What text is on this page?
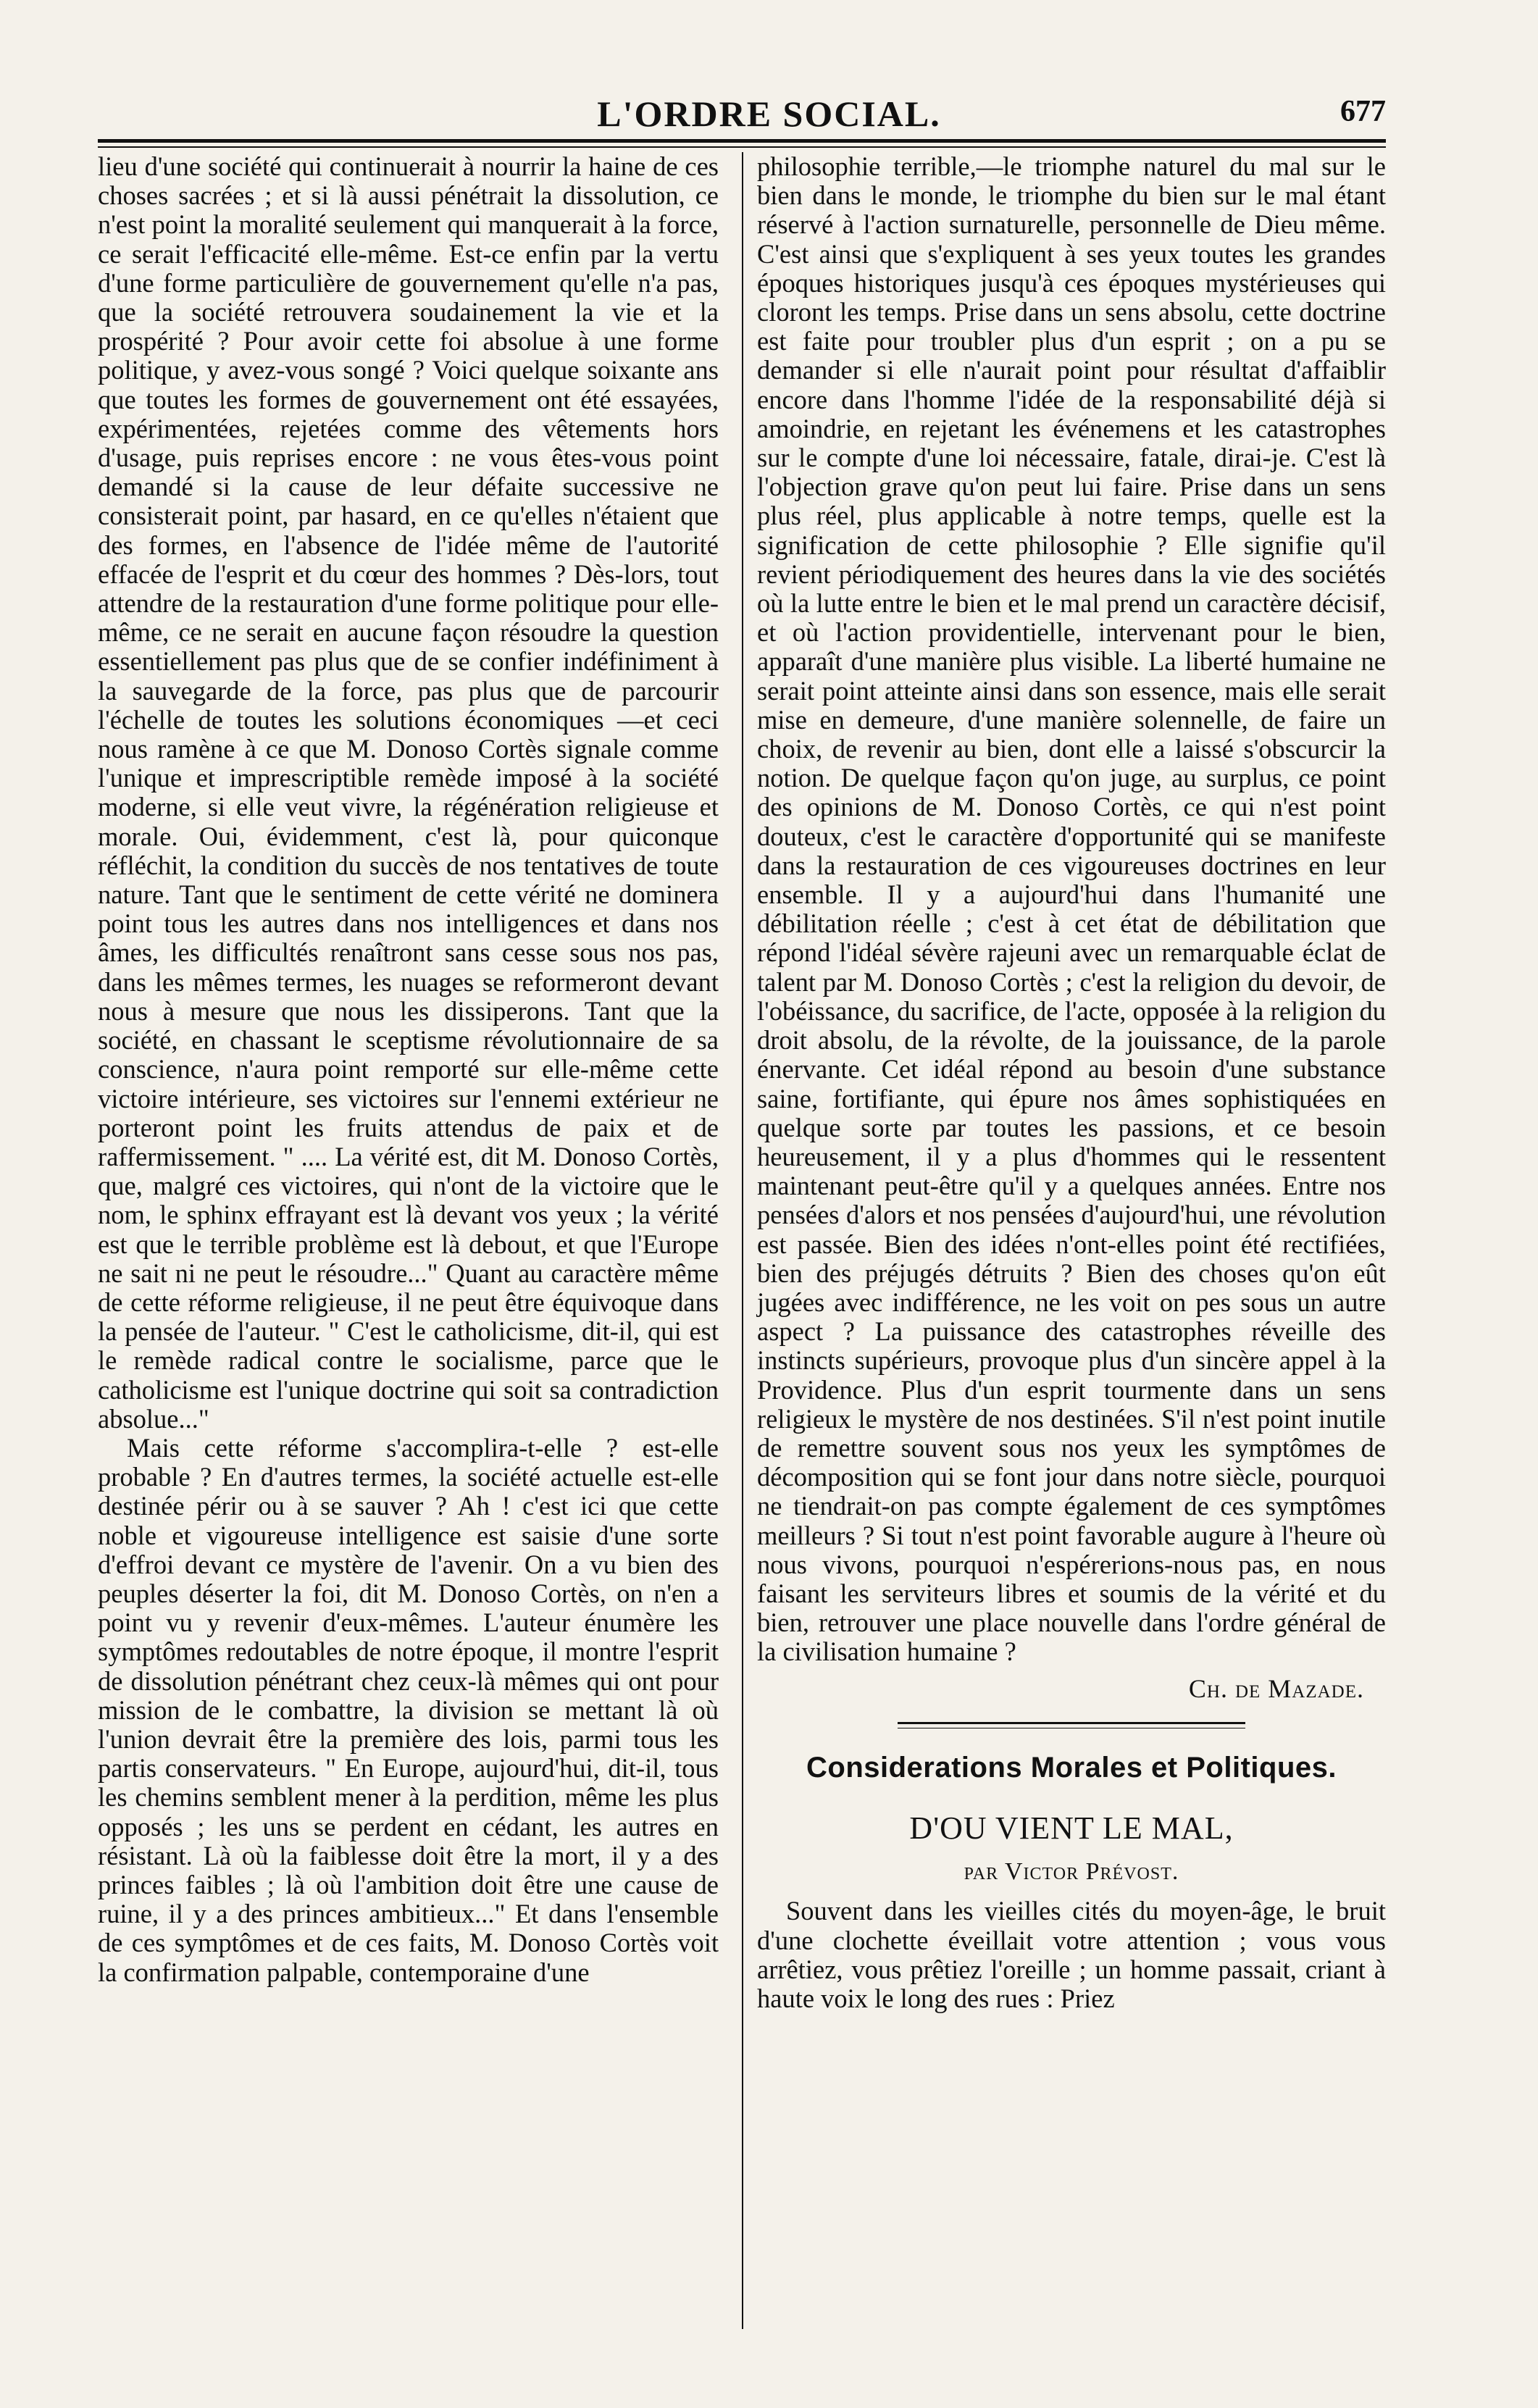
L'ORDRE SOCIAL.	677

lieu d'une société qui continuerait à nourrir la haine de ces choses sacrées ; et si là aussi pénétrait la dissolution, ce n'est point la moralité seulement qui manquerait à la force, ce serait l'efficacité elle-même. Est-ce enfin par la vertu d'une forme particulière de gouvernement qu'elle n'a pas, que la société retrouvera soudainement la vie et la prospérité ? Pour avoir cette foi absolue à une forme politique, y avez-vous songé ? Voici quelque soixante ans que toutes les formes de gouvernement ont été essayées, expérimentées, rejetées comme des vêtements hors d'usage, puis reprises encore : ne vous êtes-vous point demandé si la cause de leur défaite successive ne consisterait point, par hasard, en ce qu'elles n'étaient que des formes, en l'absence de l'idée même de l'autorité effacée de l'esprit et du cœur des hommes ? Dès-lors, tout attendre de la restauration d'une forme politique pour elle-même, ce ne serait en aucune façon résoudre la question essentiellement pas plus que de se confier indéfiniment à la sauvegarde de la force, pas plus que de parcourir l'échelle de toutes les solutions économiques —et ceci nous ramène à ce que M. Donoso Cortès signale comme l'unique et imprescriptible remède imposé à la société moderne, si elle veut vivre, la régénération religieuse et morale. Oui, évidemment, c'est là, pour quiconque réfléchit, la condition du succès de nos tentatives de toute nature. Tant que le sentiment de cette vérité ne dominera point tous les autres dans nos intelligences et dans nos âmes, les difficultés renaîtront sans cesse sous nos pas, dans les mêmes termes, les nuages se reformeront devant nous à mesure que nous les dissiperons. Tant que la société, en chassant le sceptisme révolutionnaire de sa conscience, n'aura point remporté sur elle-même cette victoire intérieure, ses victoires sur l'ennemi extérieur ne porteront point les fruits attendus de paix et de raffermissement. " .... La vérité est, dit M. Donoso Cortès, que, malgré ces victoires, qui n'ont de la victoire que le nom, le sphinx effrayant est là devant vos yeux ; la vérité est que le terrible problème est là debout, et que l'Europe ne sait ni ne peut le résoudre..." Quant au caractère même de cette réforme religieuse, il ne peut être équivoque dans la pensée de l'auteur. " C'est le catholicisme, dit-il, qui est le remède radical contre le socialisme, parce que le catholicisme est l'unique doctrine qui soit sa contradiction absolue..."

Mais cette réforme s'accomplira-t-elle ? est-elle probable ? En d'autres termes, la société actuelle est-elle destinée périr ou à se sauver ? Ah ! c'est ici que cette noble et vigoureuse intelligence est saisie d'une sorte d'effroi devant ce mystère de l'avenir. On a vu bien des peuples déserter la foi, dit M. Donoso Cortès, on n'en a point vu y revenir d'eux-mêmes. L'auteur énumère les symptômes redoutables de notre époque, il montre l'esprit de dissolution pénétrant chez ceux-là mêmes qui ont pour mission de le combattre, la division se mettant là où l'union devrait être la première des lois, parmi tous les partis conservateurs. " En Europe, aujourd'hui, dit-il, tous les chemins semblent mener à la perdition, même les plus opposés ; les uns se perdent en cédant, les autres en résistant. Là où la faiblesse doit être la mort, il y a des princes faibles ; là où l'ambition doit être une cause de ruine, il y a des princes ambitieux..." Et dans l'ensemble de ces symptômes et de ces faits, M. Donoso Cortès voit la confirmation palpable, contemporaine d'une

philosophie terrible,—le triomphe naturel du mal sur le bien dans le monde, le triomphe du bien sur le mal étant réservé à l'action surnaturelle, personnelle de Dieu même. C'est ainsi que s'expliquent à ses yeux toutes les grandes époques historiques jusqu'à ces époques mystérieuses qui cloront les temps. Prise dans un sens absolu, cette doctrine est faite pour troubler plus d'un esprit ; on a pu se demander si elle n'aurait point pour résultat d'affaiblir encore dans l'homme l'idée de la responsabilité déjà si amoindrie, en rejetant les événemens et les catastrophes sur le compte d'une loi nécessaire, fatale, dirai-je. C'est là l'objection grave qu'on peut lui faire. Prise dans un sens plus réel, plus applicable à notre temps, quelle est la signification de cette philosophie ? Elle signifie qu'il revient périodiquement des heures dans la vie des sociétés où la lutte entre le bien et le mal prend un caractère décisif, et où l'action providentielle, intervenant pour le bien, apparaît d'une manière plus visible. La liberté humaine ne serait point atteinte ainsi dans son essence, mais elle serait mise en demeure, d'une manière solennelle, de faire un choix, de revenir au bien, dont elle a laissé s'obscurcir la notion. De quelque façon qu'on juge, au surplus, ce point des opinions de M. Donoso Cortès, ce qui n'est point douteux, c'est le caractère d'opportunité qui se manifeste dans la restauration de ces vigoureuses doctrines en leur ensemble. Il y a aujourd'hui dans l'humanité une débilitation réelle ; c'est à cet état de débilitation que répond l'idéal sévère rajeuni avec un remarquable éclat de talent par M. Donoso Cortès ; c'est la religion du devoir, de l'obéissance, du sacrifice, de l'acte, opposée à la religion du droit absolu, de la révolte, de la jouissance, de la parole énervante. Cet idéal répond au besoin d'une substance saine, fortifiante, qui épure nos âmes sophistiquées en quelque sorte par toutes les passions, et ce besoin heureusement, il y a plus d'hommes qui le ressentent maintenant peut-être qu'il y a quelques années. Entre nos pensées d'alors et nos pensées d'aujourd'hui, une révolution est passée. Bien des idées n'ont-elles point été rectifiées, bien des préjugés détruits ? Bien des choses qu'on eût jugées avec indifférence, ne les voit on pes sous un autre aspect ? La puissance des catastrophes réveille des instincts supérieurs, provoque plus d'un sincère appel à la Providence. Plus d'un esprit tourmente dans un sens religieux le mystère de nos destinées. S'il n'est point inutile de remettre souvent sous nos yeux les symptômes de décomposition qui se font jour dans notre siècle, pourquoi ne tiendrait-on pas compte également de ces symptômes meilleurs ? Si tout n'est point favorable augure à l'heure où nous vivons, pourquoi n'espérerions-nous pas, en nous faisant les serviteurs libres et soumis de la vérité et du bien, retrouver une place nouvelle dans l'ordre général de la civilisation humaine ?

Ch. de Mazade.
Considerations Morales et Politiques.
D'OU VIENT LE MAL,
par Victor Prévost.

Souvent dans les vieilles cités du moyen-âge, le bruit d'une clochette éveillait votre attention ; vous vous arrêtiez, vous prêtiez l'oreille ; un homme passait, criant à haute voix le long des rues : Priez
